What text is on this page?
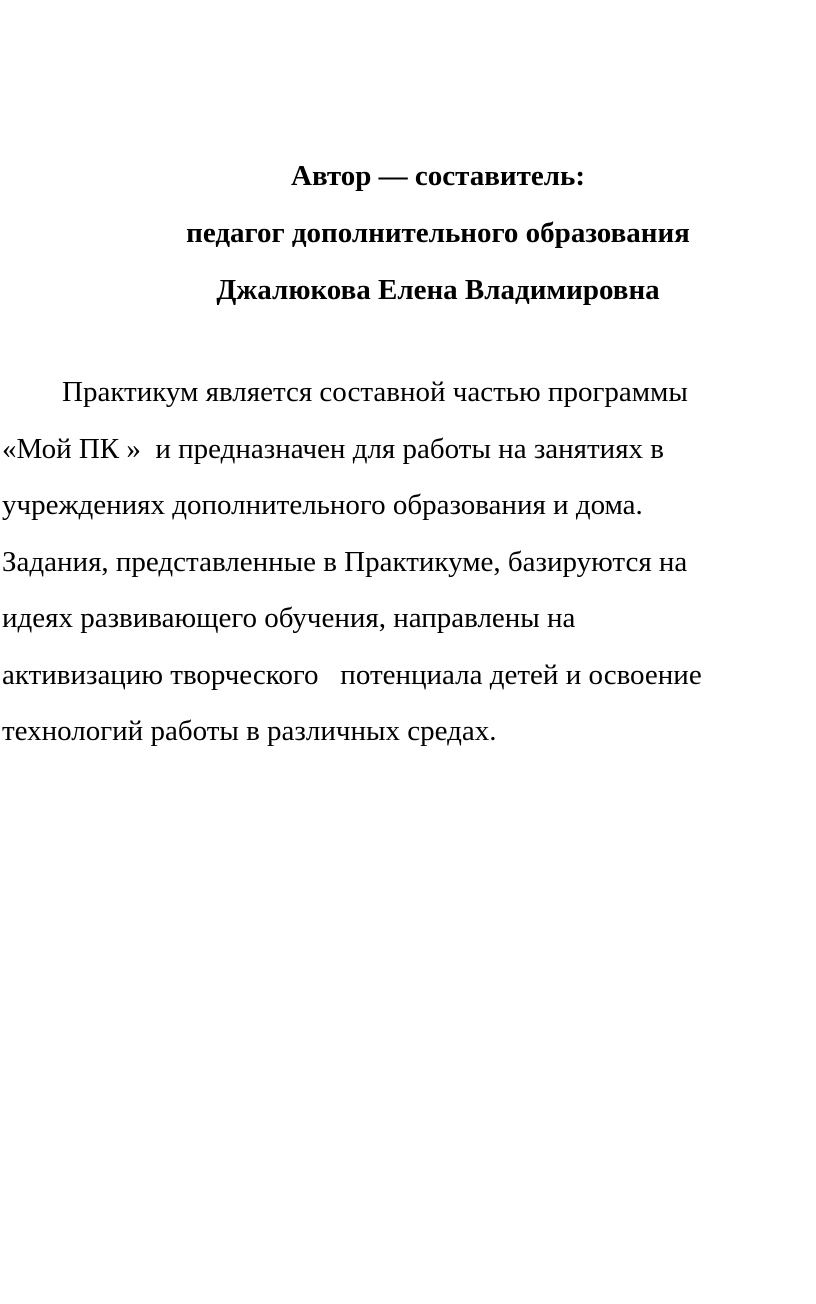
Автор — составитель:
педагог дополнительного образования
Джалюкова Елена Владимировна
Практикум является составной частью программы
«Мой ПК »  и предназначен для работы на занятиях в
учреждениях дополнительного образования и дома.
Задания, представленные в Практикуме, базируются на
идеях развивающего обучения, направлены на
активизацию творческого   потенциала детей и освоение
технологий работы в различных средах.
